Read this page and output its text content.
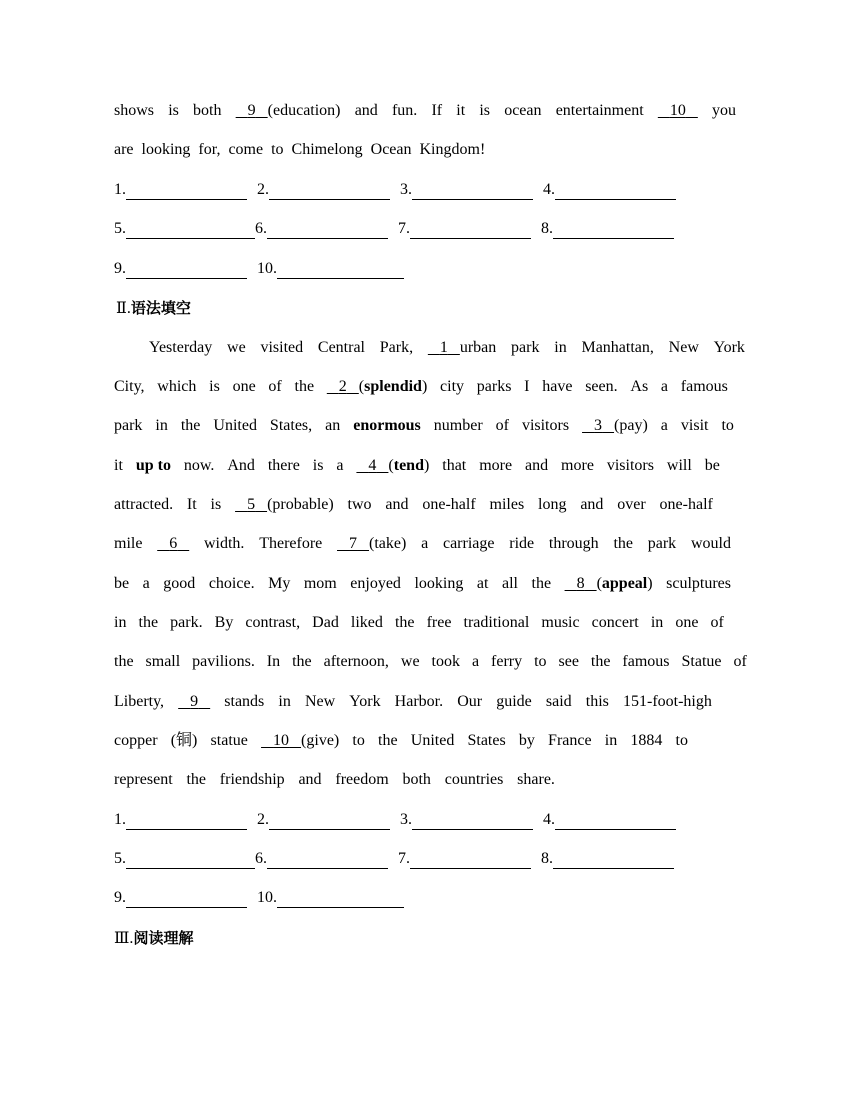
shows is both	9 (education) and fun. If it is ocean entertainment	10	you
are  looking  for,  come  to  Chimelong  Ocean  Kingdom!
1.	2.	3.	4.
5.	6.	7.	8.
9.	10.
Ⅱ.语法填空
Yesterday we visited Central Park,	1 urban park in Manhattan, New York
City, which is one of the	2 (splendid) city parks I have seen. As a famous
park in the United States, an enormous number of visitors	3 (pay) a visit to
it up to now. And there is a	4 (tend) that more and more visitors will be
attracted. It is	5 (probable) two and one-half miles long and over one-half
mile	6	width. Therefore	7 (take) a carriage ride through the park would
be a good choice. My mom enjoyed looking at all the	8 (appeal) sculptures
in the park. By contrast, Dad liked the free traditional music concert in one of
the small pavilions. In the afternoon, we took a ferry to see the famous Statue of
Liberty,	9	stands in New York Harbor. Our guide said this 151-foot-high
copper (铜) statue	10 (give) to the United States by France in 1884 to
represent the friendship and freedom both countries share.
1.	2.	3.	4.
5.	6.	7.	8.
9.	10.
Ⅲ.阅读理解
